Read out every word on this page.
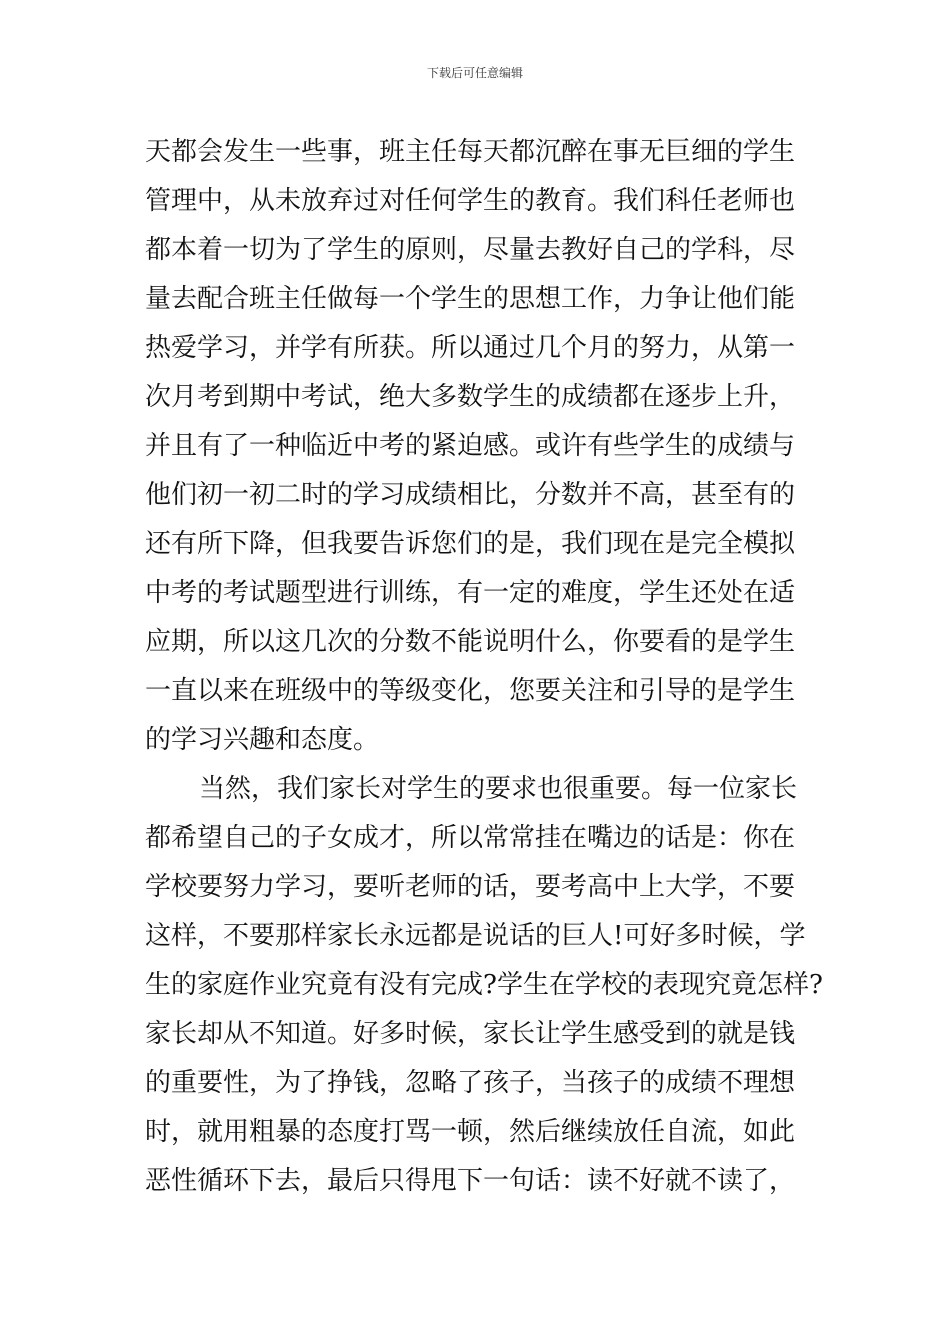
下载后可任意编辑
天都会发生一些事，班主任每天都沉醉在事无巨细的学生
管理中，从未放弃过对任何学生的教育。我们科任老师也
都本着一切为了学生的原则，尽量去教好自己的学科，尽
量去配合班主任做每一个学生的思想工作，力争让他们能
热爱学习，并学有所获。所以通过几个月的努力，从第一
次月考到期中考试，绝大多数学生的成绩都在逐步上升，
并且有了一种临近中考的紧迫感。或许有些学生的成绩与
他们初一初二时的学习成绩相比，分数并不高，甚至有的
还有所下降，但我要告诉您们的是，我们现在是完全模拟
中考的考试题型进行训练，有一定的难度，学生还处在适
应期，所以这几次的分数不能说明什么，你要看的是学生
一直以来在班级中的等级变化，您要关注和引导的是学生
的学习兴趣和态度。
当然，我们家长对学生的要求也很重要。每一位家长
都希望自己的子女成才，所以常常挂在嘴边的话是：你在
学校要努力学习，要听老师的话，要考高中上大学，不要
这样，不要那样家长永远都是说话的巨人!可好多时候，学
生的家庭作业究竟有没有完成?学生在学校的表现究竟怎样?
家长却从不知道。好多时候，家长让学生感受到的就是钱
的重要性，为了挣钱，忽略了孩子，当孩子的成绩不理想
时，就用粗暴的态度打骂一顿，然后继续放任自流，如此
恶性循环下去，最后只得甩下一句话：读不好就不读了，
